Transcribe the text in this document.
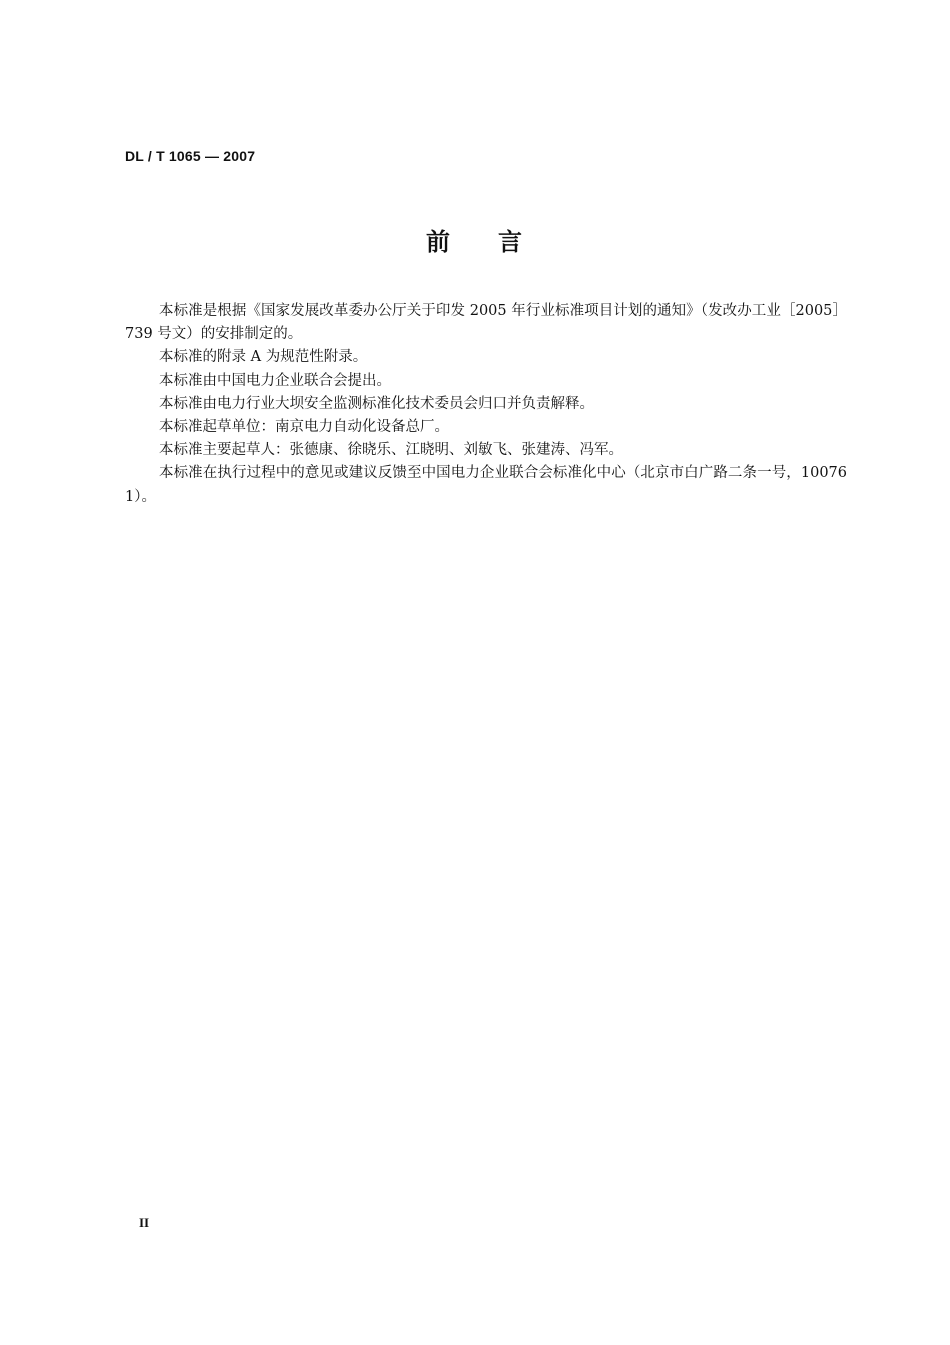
DL / T 1065 — 2007
前 言

本标准是根据《国家发展改革委办公厅关于印发 2005 年行业标准项目计划的通知》（发改办工业［2005］739 号文）的安排制定的。

本标准的附录 A 为规范性附录。

本标准由中国电力企业联合会提出。

本标准由电力行业大坝安全监测标准化技术委员会归口并负责解释。

本标准起草单位：南京电力自动化设备总厂。

本标准主要起草人：张德康、徐晓乐、江晓明、刘敏飞、张建涛、冯军。

本标准在执行过程中的意见或建议反馈至中国电力企业联合会标准化中心（北京市白广路二条一号，100761）。

II
